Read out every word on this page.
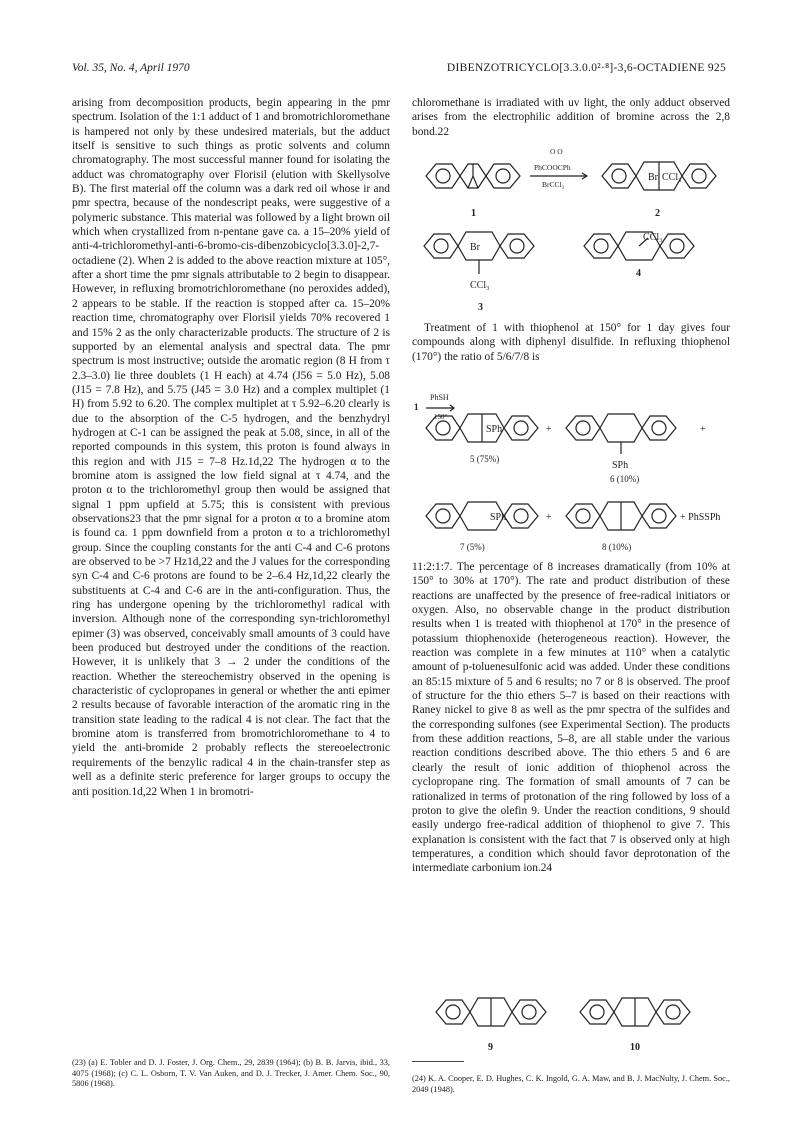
Vol. 35, No. 4, April 1970	DIBENZOTRICYCLO[3.3.0.0²·⁸]-3,6-OCTADIENE 925

arising from decomposition products, begin appearing in the pmr spectrum. Isolation of the 1:1 adduct of 1 and bromotrichloromethane is hampered not only by these undesired materials, but the adduct itself is sensitive to such things as protic solvents and column chromatography. The most successful manner found for isolating the adduct was chromatography over Florisil (elution with Skellysolve B). The first material off the column was a dark red oil whose ir and pmr spectra, because of the nondescript peaks, were suggestive of a polymeric substance. This material was followed by a light brown oil which when crystallized from n-pentane gave ca. a 15–20% yield of anti-4-trichloromethyl-anti-6-bromo-cis-dibenzobicyclo[3.3.0]-2,7-octadiene (2). When 2 is added to the above reaction mixture at 105°, after a short time the pmr signals attributable to 2 begin to disappear. However, in refluxing bromotrichloromethane (no peroxides added), 2 appears to be stable. If the reaction is stopped after ca. 15–20% reaction time, chromatography over Florisil yields 70% recovered 1 and 15% 2 as the only characterizable products. The structure of 2 is supported by an elemental analysis and spectral data. The pmr spectrum is most instructive; outside the aromatic region (8 H from τ 2.3–3.0) lie three doublets (1 H each) at 4.74 (J56 = 5.0 Hz), 5.08 (J15 = 7.8 Hz), and 5.75 (J45 = 3.0 Hz) and a complex multiplet (1 H) from 5.92 to 6.20. The complex multiplet at τ 5.92–6.20 clearly is due to the absorption of the C-5 hydrogen, and the benzhydryl hydrogen at C-1 can be assigned the peak at 5.08, since, in all of the reported compounds in this system, this proton is found always in this region and with J15 = 7–8 Hz.1d,22 The hydrogen α to the bromine atom is assigned the low field signal at τ 4.74, and the proton α to the trichloromethyl group then would be assigned that signal 1 ppm upfield at 5.75; this is consistent with previous observations23 that the pmr signal for a proton α to a bromine atom is found ca. 1 ppm downfield from a proton α to a trichloromethyl group. Since the coupling constants for the anti C-4 and C-6 protons are observed to be >7 Hz1d,22 and the J values for the corresponding syn C-4 and C-6 protons are found to be 2–6.4 Hz,1d,22 clearly the substituents at C-4 and C-6 are in the anti-configuration. Thus, the ring has undergone opening by the trichloromethyl radical with inversion. Although none of the corresponding syn-trichloromethyl epimer (3) was observed, conceivably small amounts of 3 could have been produced but destroyed under the conditions of the reaction. However, it is unlikely that 3 → 2 under the conditions of the reaction. Whether the stereochemistry observed in the opening is characteristic of cyclopropanes in general or whether the anti epimer 2 results because of favorable interaction of the aromatic ring in the transition state leading to the radical 4 is not clear. The fact that the bromine atom is transferred from bromotrichloromethane to 4 to yield the anti-bromide 2 probably reflects the stereoelectronic requirements of the benzylic radical 4 in the chain-transfer step as well as a definite steric preference for larger groups to occupy the anti position.1d,22 When 1 in bromotri-

chloromethane is irradiated with uv light, the only adduct observed arises from the electrophilic addition of bromine across the 2,8 bond.22

O O
PhCOOCPh
BrCCl₃
Br CCl₃
Br
CCl₃
CCl₃
1	2
3
4

Treatment of 1 with thiophenol at 150° for 1 day gives four compounds along with diphenyl disulfide. In refluxing thiophenol (170°) the ratio of 5/6/7/8 is

1
PhSH
150°
SPh	+	+
SPh
SPh	+	+ PhSSPh
5 (75%)
6 (10%)
7 (5%)	8 (10%)

11:2:1:7. The percentage of 8 increases dramatically (from 10% at 150° to 30% at 170°). The rate and product distribution of these reactions are unaffected by the presence of free-radical initiators or oxygen. Also, no observable change in the product distribution results when 1 is treated with thiophenol at 170° in the presence of potassium thiophenoxide (heterogeneous reaction). However, the reaction was complete in a few minutes at 110° when a catalytic amount of p-toluenesulfonic acid was added. Under these conditions an 85:15 mixture of 5 and 6 results; no 7 or 8 is observed. The proof of structure for the thio ethers 5–7 is based on their reactions with Raney nickel to give 8 as well as the pmr spectra of the sulfides and the corresponding sulfones (see Experimental Section). The products from these addition reactions, 5–8, are all stable under the various reaction conditions described above. The thio ethers 5 and 6 are clearly the result of ionic addition of thiophenol across the cyclopropane ring. The formation of small amounts of 7 can be rationalized in terms of protonation of the ring followed by loss of a proton to give the olefin 9. Under the reaction conditions, 9 should easily undergo free-radical addition of thiophenol to give 7. This explanation is consistent with the fact that 7 is observed only at high temperatures, a condition which should favor deprotonation of the intermediate carbonium ion.24

9	10
(23) (a) E. Tobler and D. J. Foster, J. Org. Chem., 29, 2839 (1964); (b) B. B. Jarvis, ibid., 33, 4075 (1968); (c) C. L. Osborn, T. V. Van Auken, and D. J. Trecker, J. Amer. Chem. Soc., 90, 5806 (1968).
(24) K. A. Cooper, E. D. Hughes, C. K. Ingold, G. A. Maw, and B. J. MacNulty, J. Chem. Soc., 2049 (1948).
